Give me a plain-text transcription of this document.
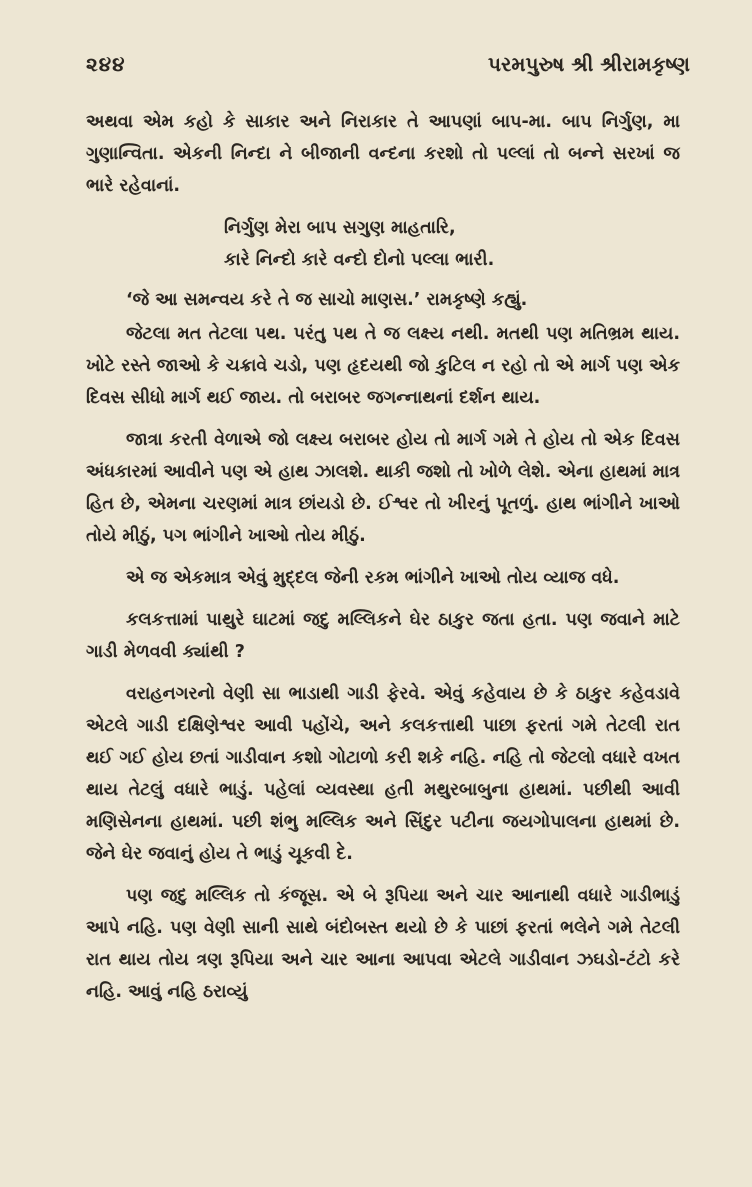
૨૪૪	પરમપુરુષ શ્રી શ્રીરામકૃષ્ણ

અથવા એમ કહો કે સાકાર અને નિરાકાર તે આપણાં બાપ-મા. બાપ નિર્ગુણ, મા ગુણાન્વિતા. એકની નિન્દા ને બીજાની વન્દના કરશો તો પલ્લાં તો બન્ને સરખાં જ ભારે રહેવાનાં.

નિર્ગુણ મેરા બાપ સગુણ માહતારિ,
કારે નિન્દો કારે વન્દો દોનો પલ્લા ભારી.

‘જે આ સમન્વય કરે તે જ સાચો માણસ.’ રામકૃષ્ણે કહ્યું.

જેટલા મત તેટલા પથ. પરંતુ પથ તે જ લક્ષ્ય નથી. મતથી પણ મતિભ્રમ થાય. ખોટે રસ્તે જાઓ કે ચક્રાવે ચડો, પણ હૃદયથી જો કુટિલ ન રહો તો એ માર્ગ પણ એક દિવસ સીધો માર્ગ થઈ જાય. તો બરાબર જગન્નાથનાં દર્શન થાય.

જાત્રા કરતી વેળાએ જો લક્ષ્ય બરાબર હોય તો માર્ગ ગમે તે હોય તો એક દિવસ અંધકારમાં આવીને પણ એ હાથ ઝાલશે. થાકી જશો તો ખોળે લેશે. એના હાથમાં માત્ર હિત છે, એમના ચરણમાં માત્ર છાંયડો છે. ઈશ્વર તો ખીરનું પૂતળું. હાથ ભાંગીને ખાઓ તોયે મીઠું, પગ ભાંગીને ખાઓ તોય મીઠું.

એ જ એકમાત્ર એવું મુદ્દલ જેની રકમ ભાંગીને ખાઓ તોય વ્યાજ વધે.

કલકત્તામાં પાથુરે ઘાટમાં જદુ મલ્લિકને ઘેર ઠાકુર જતા હતા. પણ જવાને માટે ગાડી મેળવવી ક્યાંથી ?

વરાહનગરનો વેણી સા ભાડાથી ગાડી ફેરવે. એવું કહેવાય છે કે ઠાકુર કહેવડાવે એટલે ગાડી દક્ષિણેશ્વર આવી પહોંચે, અને કલકત્તાથી પાછા ફરતાં ગમે તેટલી રાત થઈ ગઈ હોય છતાં ગાડીવાન કશો ગોટાળો કરી શકે નહિ. નહિ તો જેટલો વધારે વખત થાય તેટલું વધારે ભાડું. પહેલાં વ્યવસ્થા હતી મથુરબાબુના હાથમાં. પછીથી આવી મણિસેનના હાથમાં. પછી શંભુ મલ્લિક અને સિંદુર પટીના જયગોપાલના હાથમાં છે. જેને ઘેર જવાનું હોય તે ભાડું ચૂકવી દે.

પણ જદુ મલ્લિક તો કંજૂસ. એ બે રૂપિયા અને ચાર આનાથી વધારે ગાડીભાડું આપે નહિ. પણ વેણી સાની સાથે બંદોબસ્ત થયો છે કે પાછાં ફરતાં ભલેને ગમે તેટલી રાત થાય તોય ત્રણ રૂપિયા અને ચાર આના આપવા એટલે ગાડીવાન ઝઘડો-ટંટો કરે નહિ. આવું નહિ ઠરાવ્યું
